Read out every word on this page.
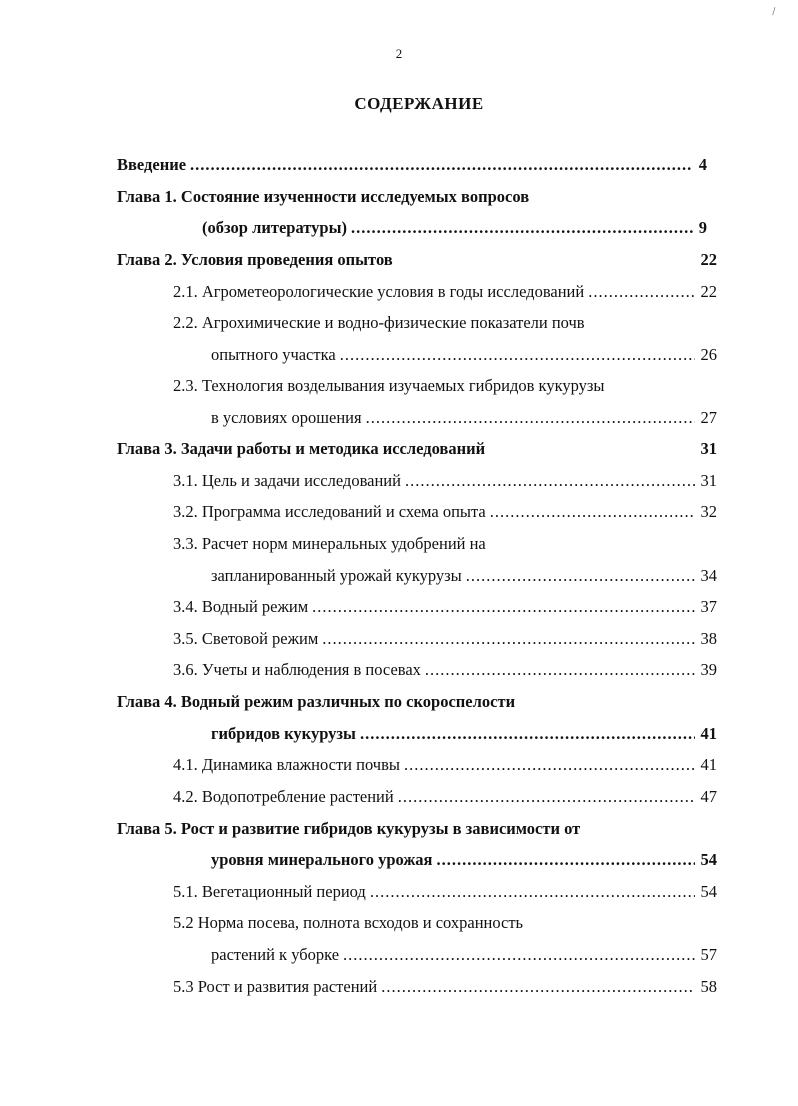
\
2
СОДЕРЖАНИЕ
Введение .....	4
Глава 1. Состояние изученности исследуемых вопросов
(обзор литературы) .....	9
Глава 2. Условия проведения опытов	22
2.1. Агрометеорологические условия в годы исследований .....	22
2.2. Агрохимические и водно-физические показатели почв
опытного участка .....	26
2.3. Технология возделывания изучаемых гибридов кукурузы
в условиях орошения .....	27
Глава 3. Задачи работы и методика исследований	31
3.1. Цель и задачи исследований .....	31
3.2. Программа исследований и схема опыта .....	32
3.3. Расчет норм минеральных удобрений на
запланированный урожай кукурузы .....	34
3.4. Водный режим .....	37
3.5. Световой режим .....	38
3.6. Учеты и наблюдения в посевах .....	39
Глава 4. Водный режим различных по скороспелости
гибридов кукурузы .....	41
4.1. Динамика влажности почвы .....	41
4.2. Водопотребление растений .....	47
Глава 5. Рост и развитие гибридов кукурузы в зависимости от
уровня минерального урожая .....	54
5.1. Вегетационный период .....	54
5.2 Норма посева, полнота всходов и сохранность
растений к уборке .....	57
5.3 Рост и развития растений .....	58
